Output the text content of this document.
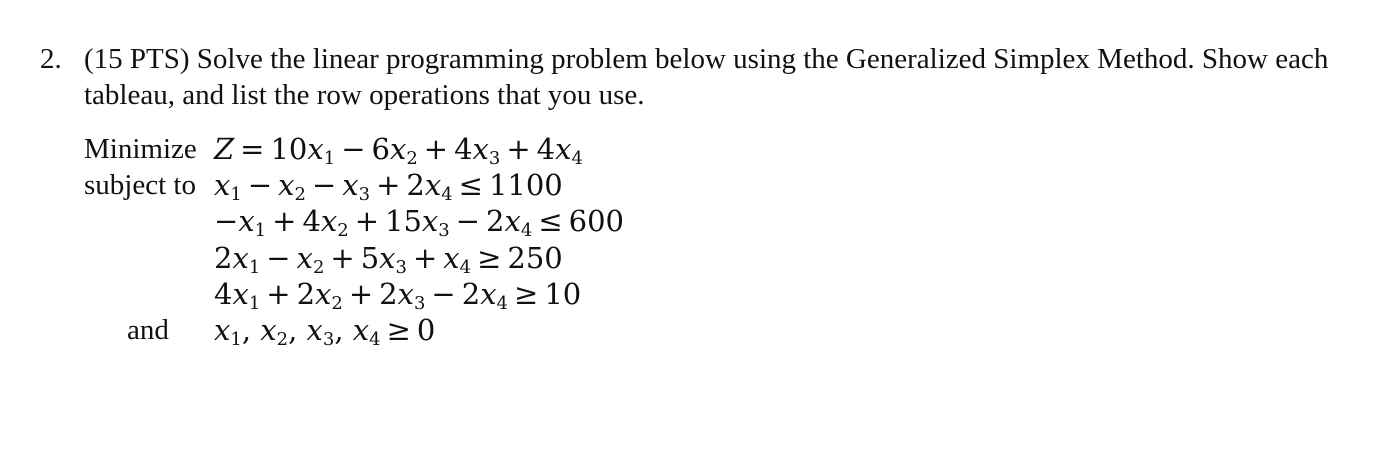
2. (15 PTS) Solve the linear programming problem below using the Generalized Simplex Method. Show each
tableau, and list the row operations that you use.
Minimize
subject to
and
$Z = 10x_1 - 6x_2 + 4x_3 + 4x_4$
$x_1 - x_2 - x_3 + 2x_4 \le 1100$
$-x_1 + 4x_2 + 15x_3 - 2x_4 \le 600$
$2x_1 - x_2 + 5x_3 + x_4 \ge 250$
$4x_1 + 2x_2 + 2x_3 - 2x_4 \ge 10$
$x_1$, $x_2$, $x_3$, $x_4 \ge 0$
